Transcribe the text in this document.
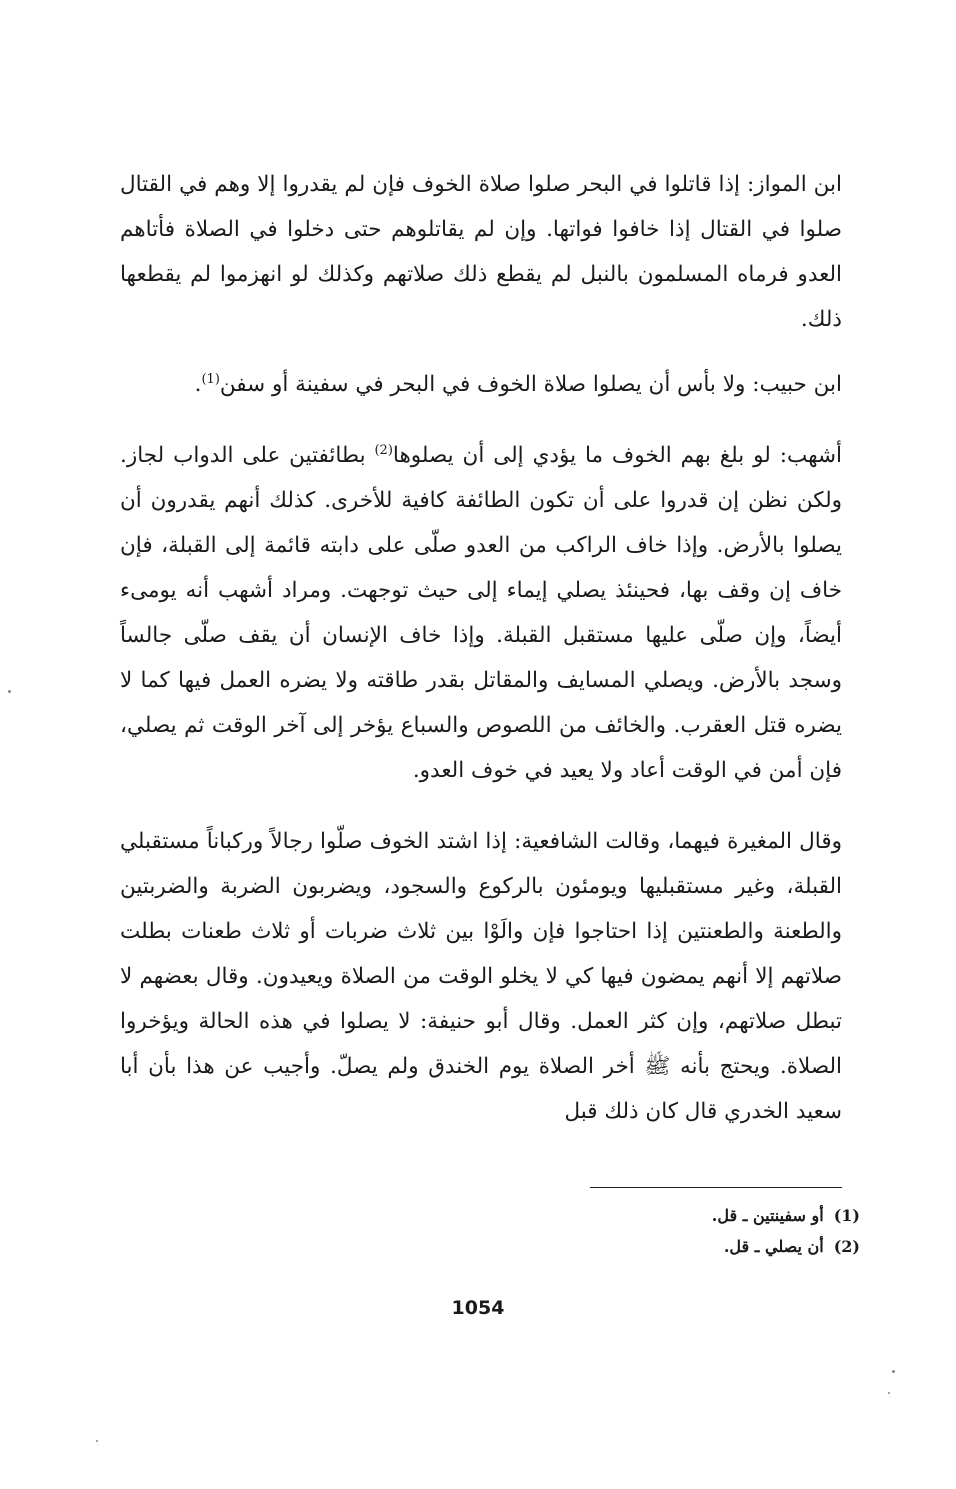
ابن المواز: إذا قاتلوا في البحر صلوا صلاة الخوف فإن لم يقدروا إلا وهم في القتال صلوا في القتال إذا خافوا فواتها. وإن لم يقاتلوهم حتى دخلوا في الصلاة فأتاهم العدو فرماه المسلمون بالنبل لم يقطع ذلك صلاتهم وكذلك لو انهزموا لم يقطعها ذلك.

ابن حبيب: ولا بأس أن يصلوا صلاة الخوف في البحر في سفينة أو سفن$^{(1)}$.

أشهب: لو بلغ بهم الخوف ما يؤدي إلى أن يصلوها$^{(2)}$ بطائفتين على الدواب لجاز. ولكن نظن إن قدروا على أن تكون الطائفة كافية للأخرى. كذلك أنهم يقدرون أن يصلوا بالأرض. وإذا خاف الراكب من العدو صلّى على دابته قائمة إلى القبلة، فإن خاف إن وقف بها، فحينئذ يصلي إيماء إلى حيث توجهت. ومراد أشهب أنه يومىء أيضاً، وإن صلّى عليها مستقبل القبلة. وإذا خاف الإنسان أن يقف صلّى جالساً وسجد بالأرض. ويصلي المسايف والمقاتل بقدر طاقته ولا يضره العمل فيها كما لا يضره قتل العقرب. والخائف من اللصوص والسباع يؤخر إلى آخر الوقت ثم يصلي، فإن أمن في الوقت أعاد ولا يعيد في خوف العدو.

وقال المغيرة فيهما، وقالت الشافعية: إذا اشتد الخوف صلّوا رجالاً وركباناً مستقبلي القبلة، وغير مستقبليها ويومئون بالركوع والسجود، ويضربون الضربة والضربتين والطعنة والطعنتين إذا احتاجوا فإن والَوْا بين ثلاث ضربات أو ثلاث طعنات بطلت صلاتهم إلا أنهم يمضون فيها كي لا يخلو الوقت من الصلاة ويعيدون. وقال بعضهم لا تبطل صلاتهم، وإن كثر العمل. وقال أبو حنيفة: لا يصلوا في هذه الحالة ويؤخروا الصلاة. ويحتج بأنه ﷺ أخر الصلاة يوم الخندق ولم يصلّ. وأجيب عن هذا بأن أبا سعيد الخدري قال كان ذلك قبل

(1)أو سفينتين ـ قل.
(2)أن يصلي ـ قل.
1054
